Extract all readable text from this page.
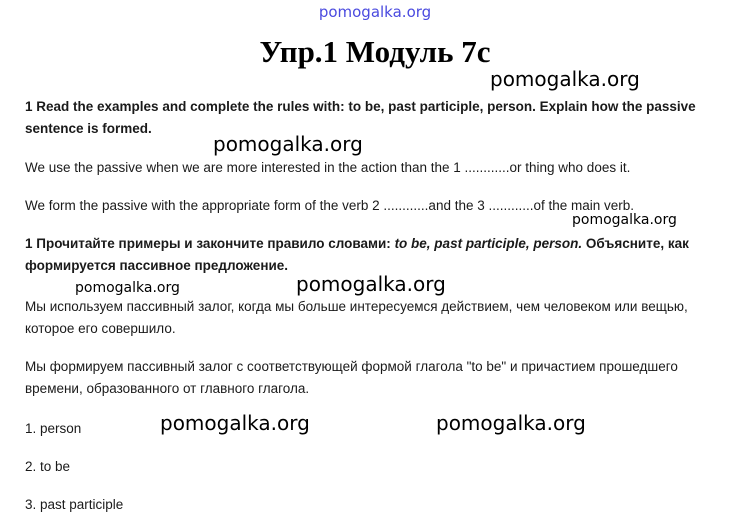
pomogalka.org
Упр.1 Модуль 7c
pomogalka.org

1 Read the examples and complete the rules with: to be, past participle, person. Explain how the passive sentence is formed.

pomogalka.org

We use the passive when we are more interested in the action than the 1 ............or thing who does it.

We form the passive with the appropriate form of the verb 2 ............and the 3 ............of the main verb.

pomogalka.org

1 Прочитайте примеры и закончите правило словами: to be, past participle, person. Объясните, как формируется пассивное предложение.

pomogalka.org	pomogalka.org

Мы используем пассивный залог, когда мы больше интересуемся действием, чем человеком или вещью, которое его совершило.

Мы формируем пассивный залог с соответствующей формой глагола "to be" и причастием прошедшего времени, образованного от главного глагола.

1. person	pomogalka.org	pomogalka.org
2. to be
3. past participle
